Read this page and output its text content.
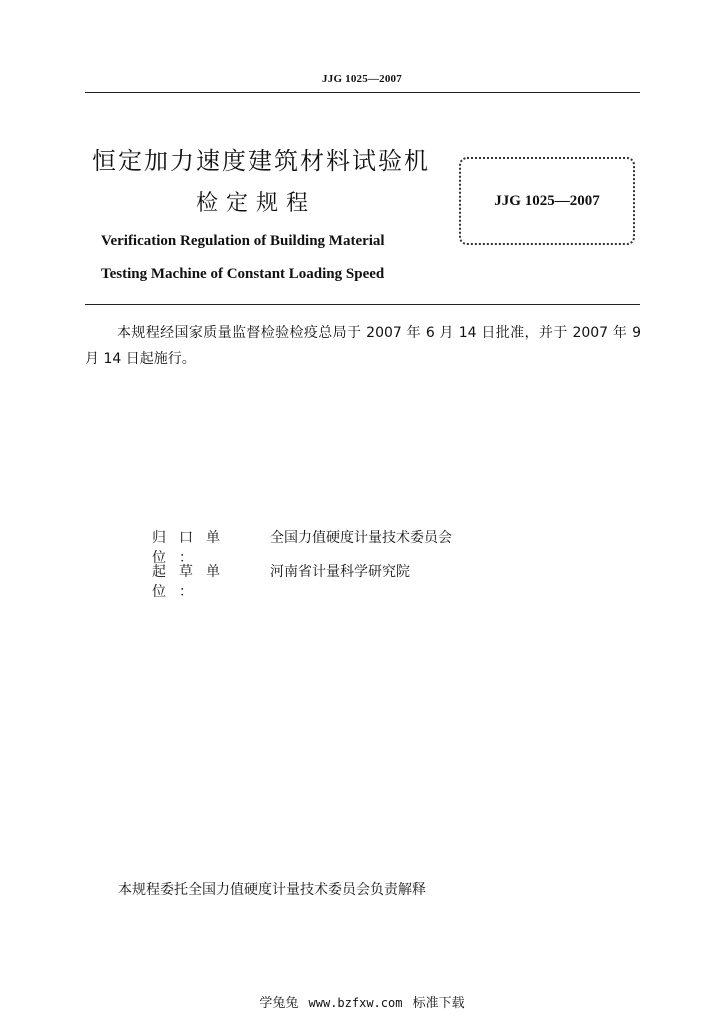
JJG 1025—2007
恒定加力速度建筑材料试验机
检定规程
Verification Regulation of Building Material
Testing Machine of Constant Loading Speed
JJG 1025—2007
本规程经国家质量监督检验检疫总局于 2007 年 6 月 14 日批准，并于 2007 年 9 月 14 日起施行。
归口单位：
全国力值硬度计量技术委员会
起草单位：
河南省计量科学研究院
本规程委托全国力值硬度计量技术委员会负责解释
学兔兔 www.bzfxw.com 标准下载
